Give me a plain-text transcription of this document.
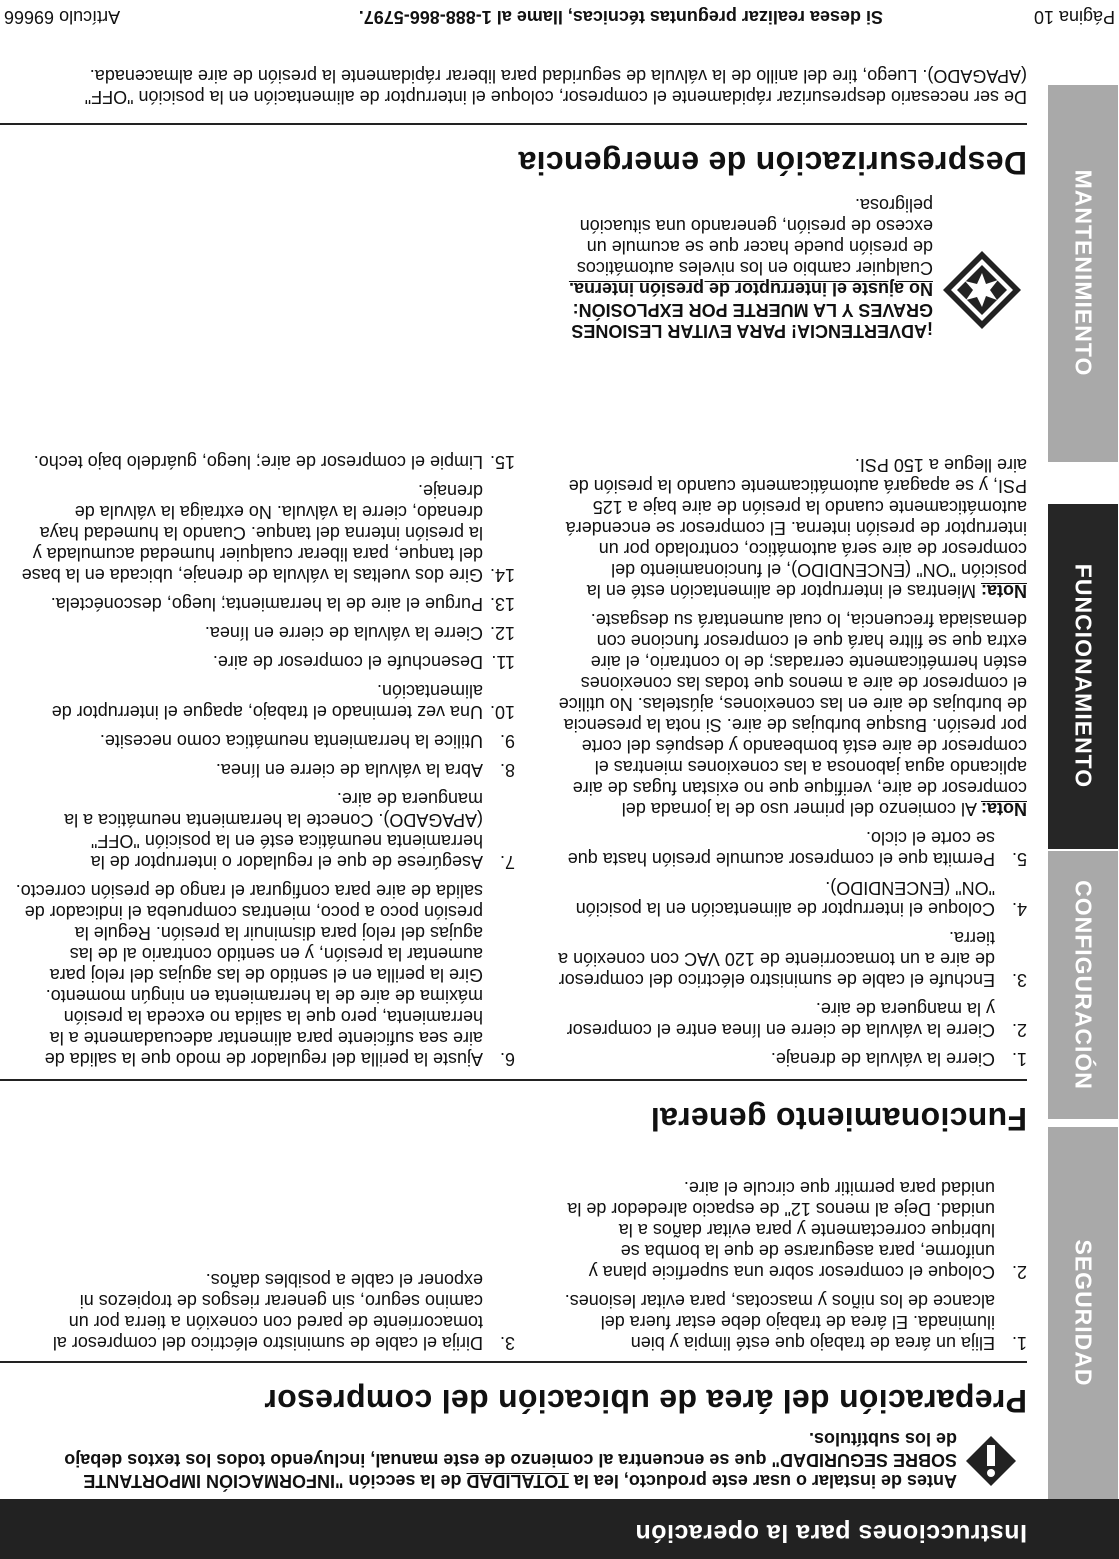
Instrucciones para la operación
SEGURIDAD
CONFIGURACIÓN
FUNCIONAMIENTO
MANTENIMIENTO

Antes de instalar o usar este producto, lea la TOTALIDAD de la sección "INFORMACIÓN IMPORTANTE SOBRE SEGURIDAD" que se encuentra al comienzo de este manual, incluyendo todos los textos debajo de los subtítulos.

Preparación del área de ubicación del compresor
1.
Elija un área de trabajo que esté limpia y bien iluminada. El área de trabajo debe estar fuera del alcance de los niños y mascotas, para evitar lesiones.
2.
Coloque el compresor sobre una superficie plana y uniforme, para asegurarse de que la bomba se lubrique correctamente y para evitar daños a la unidad. Deje al menos 12" de espacio alrededor de la unidad para permitir que circule el aire.
3.
Dirija el cable de suministro eléctrico del compresor al tomacorriente de pared con conexión a tierra por un camino seguro, sin generar riesgos de tropiezos ni exponer el cable a posibles daños.
Funcionamiento general
1.
Cierre la válvula de drenaje.
2.
Cierre la válvula de cierre en línea entre el compresor y la manguera de aire.
3.
Enchufe el cable de suministro eléctrico del compresor de aire a un tomacorriente de 120 VAC con conexión a tierra.
4.
Coloque el interruptor de alimentación en la posición "ON" (ENCENDIDO).
5.
Permita que el compresor acumule presión hasta que se corte el ciclo.

Nota: Al comienzo del primer uso de la jornada del compresor de aire, verifique que no existan fugas de aire aplicando agua jabonosa a las conexiones mientras el compresor de aire está bombeando y después del corte por presión. Busque burbujas de aire. Si nota la presencia de burbujas de aire en las conexiones, ajústelas. No utilice el compresor de aire a menos que todas las conexiones estén herméticamente cerradas; de lo contrario, el aire extra que se filtre hará que el compresor funcione con demasiada frecuencia, lo cual aumentará su desgaste.

Nota: Mientras el interruptor de alimentación esté en la posición "ON" (ENCENDIDO), el funcionamiento del compresor de aire será automático, controlado por un interruptor de presión interna. El compresor se encenderá automáticamente cuando la presión de aire baje a 125 PSI, y se apagará automáticamente cuando la presión de aire llegue a 150 PSI.

¡ADVERTENCIA! PARA EVITAR LESIONES GRAVES Y LA MUERTE POR EXPLOSIÓN:
No ajuste el interruptor de presión interna. Cualquier cambio en los niveles automáticos de presión puede hacer que se acumule un exceso de presión, generando una situación peligrosa.
6.
Ajuste la perilla del regulador de modo que la salida de aire sea suficiente para alimentar adecuadamente a la herramienta, pero que la salida no exceda la presión máxima de aire de la herramienta en ningún momento. Gire la perilla en el sentido de las agujas del reloj para aumentar la presión, y en sentido contrario al de las agujas del reloj para disminuir la presión. Regule la presión poco a poco, mientras comprueba el indicador de salida de aire para configurar el rango de presión correcto.
7.
Asegúrese de que el regulador o interruptor de la herramienta neumática esté en la posición "OFF" (APAGADO). Conecte la herramienta neumática a la manguera de aire.
8.
Abra la válvula de cierre en línea.
9.
Utilice la herramienta neumática como necesite.
10.
Una vez terminado el trabajo, apague el interruptor de alimentación.
11.
Desenchufe el compresor de aire.
12.
Cierre la válvula de cierre en línea.
13.
Purgue el aire de la herramienta; luego, desconéctela.
14.
Gire dos vueltas la válvula de drenaje, ubicada en la base del tanque, para liberar cualquier humedad acumulada y la presión interna del tanque. Cuando la humedad haya drenado, cierre la válvula. No extraiga la válvula de drenaje.
15.
Limpie el compresor de aire; luego, guárdelo bajo techo.
Despresurización de emergencia

De ser necesario despresurizar rápidamente el compresor, coloque el interruptor de alimentación en la posición "OFF" (APAGADO). Luego, tire del anillo de la válvula de seguridad para liberar rápidamente la presión de aire almacenada.

Página 10
Si desea realizar preguntas técnicas, llame al 1-888-866-5797.
Artículo 69666
